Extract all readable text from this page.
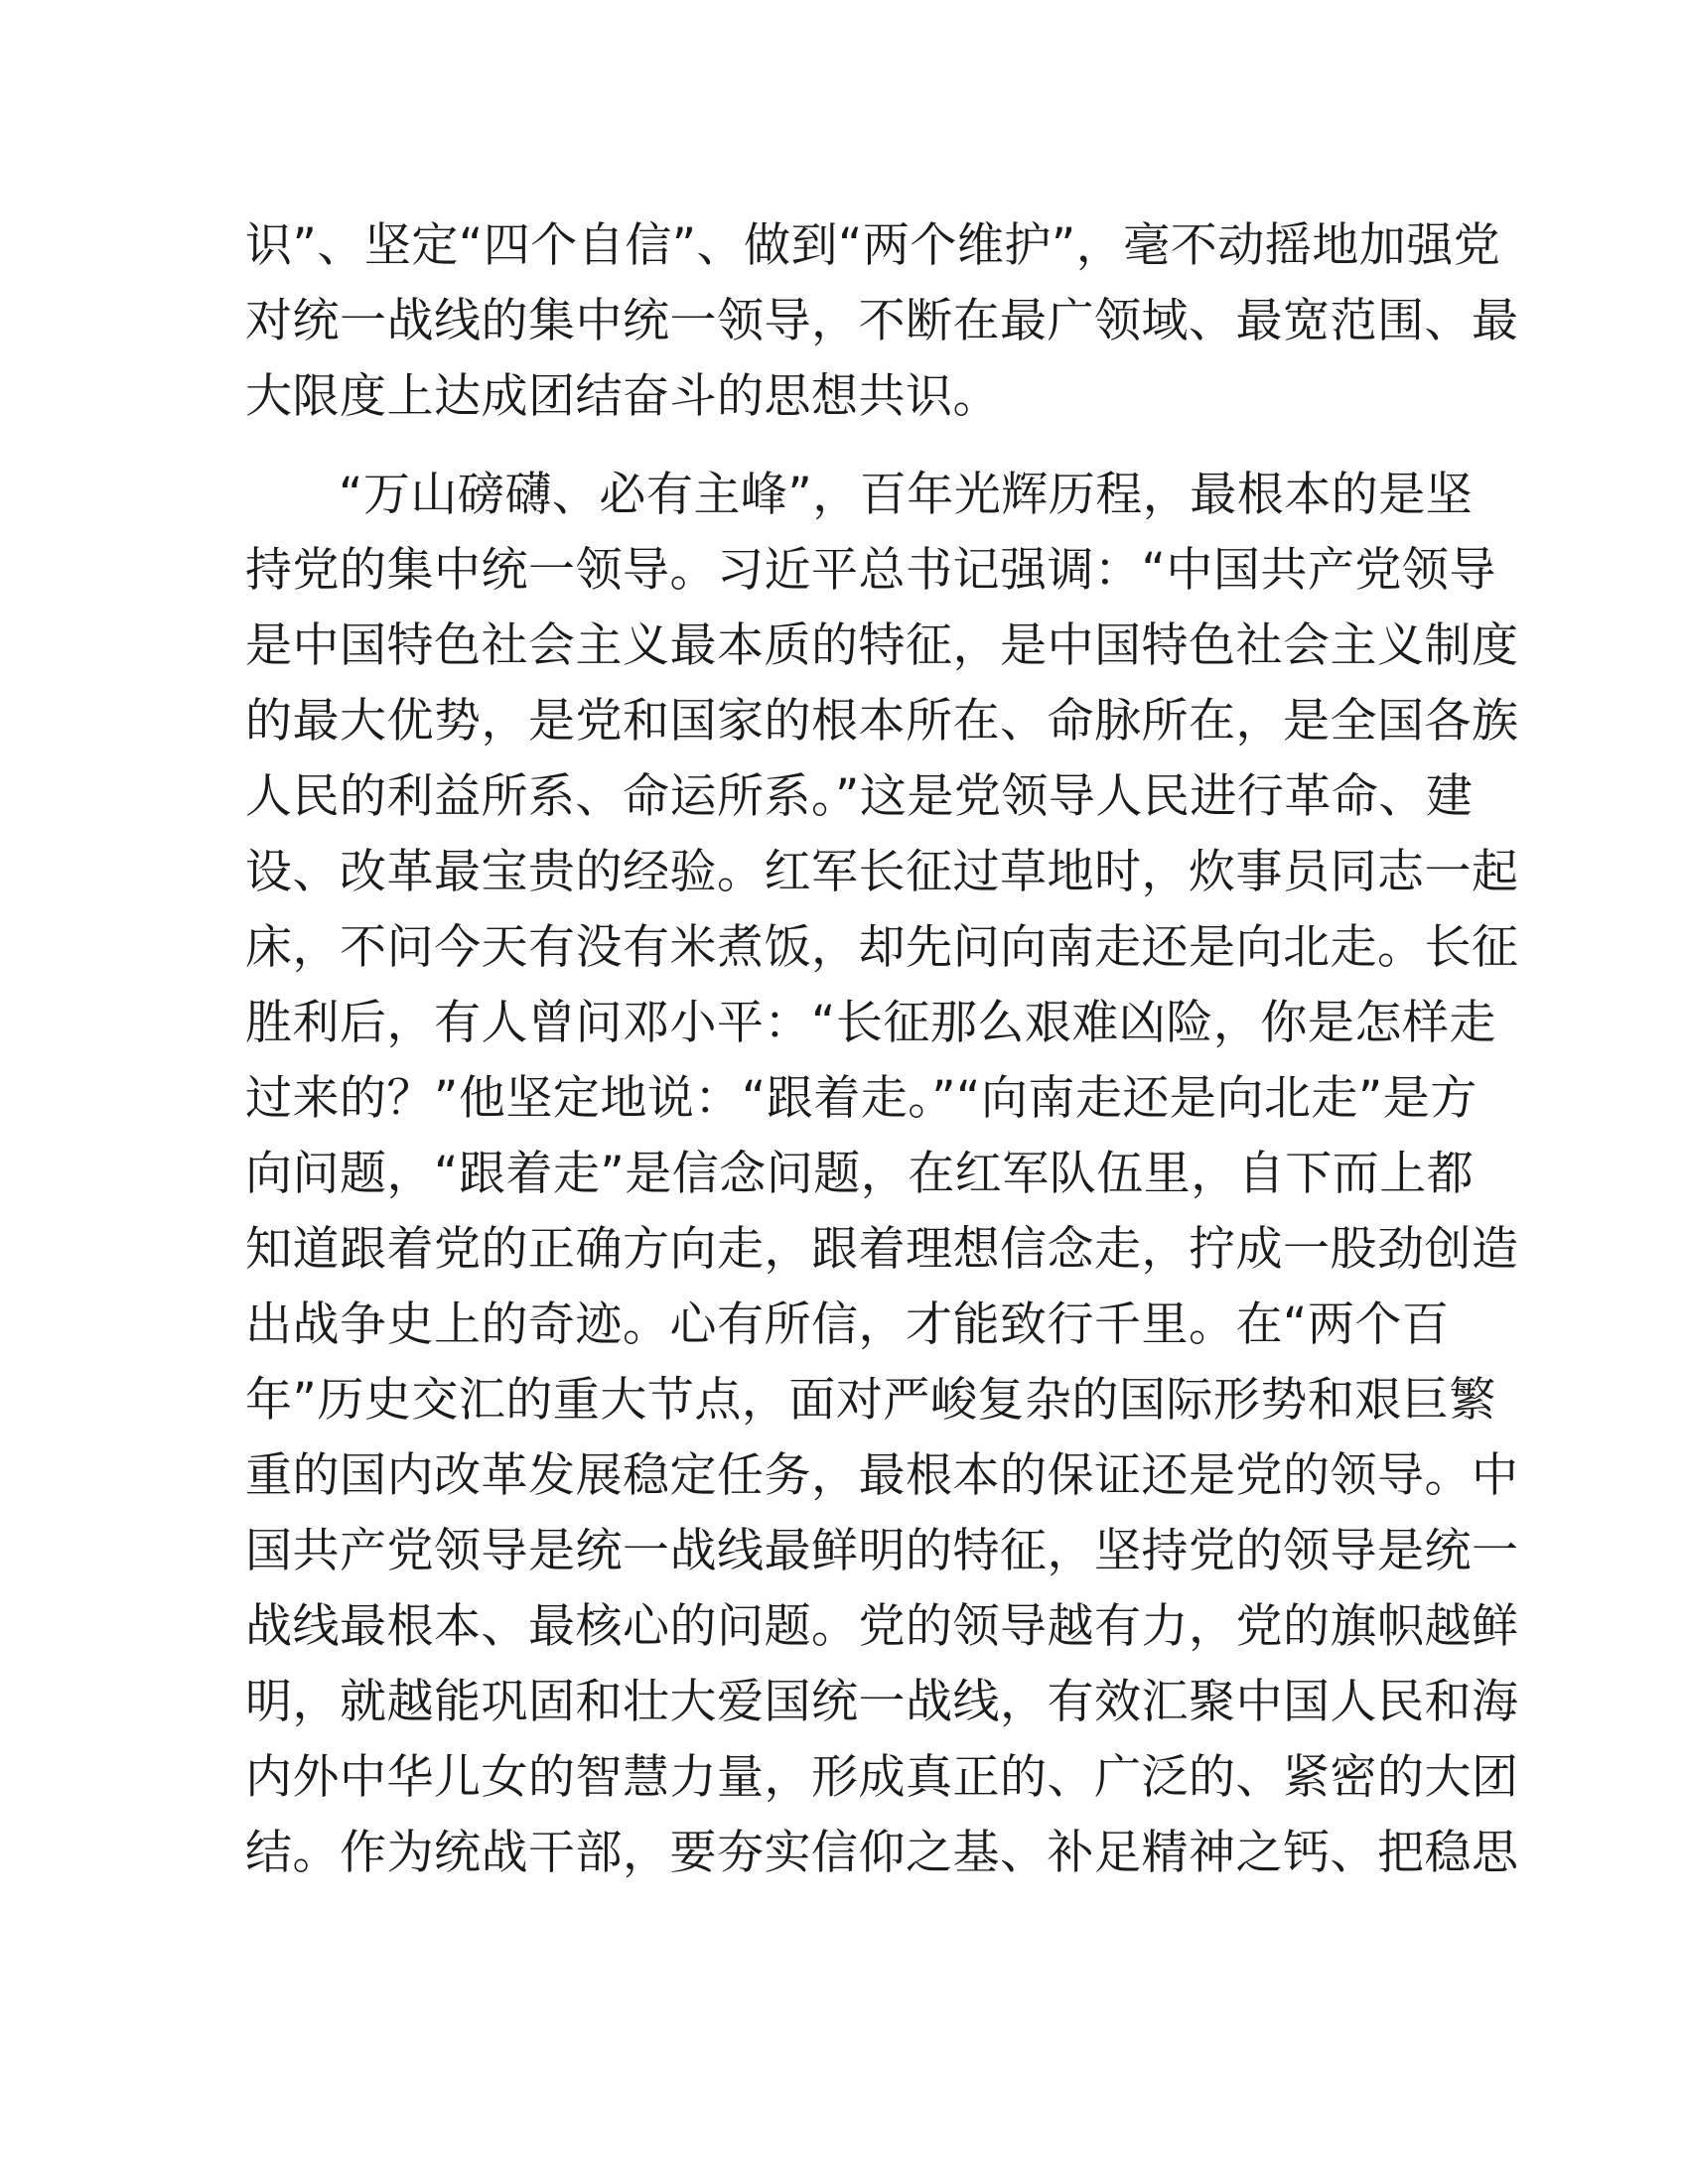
识”、坚定“四个自信”、做到“两个维护”，毫不动摇地加强党
对统一战线的集中统一领导，不断在最广领域、最宽范围、最
大限度上达成团结奋斗的思想共识。
“万山磅礴、必有主峰”，百年光辉历程，最根本的是坚
持党的集中统一领导。习近平总书记强调：“中国共产党领导
是中国特色社会主义最本质的特征，是中国特色社会主义制度
的最大优势，是党和国家的根本所在、命脉所在，是全国各族
人民的利益所系、命运所系。”这是党领导人民进行革命、建
设、改革最宝贵的经验。红军长征过草地时，炊事员同志一起
床，不问今天有没有米煮饭，却先问向南走还是向北走。长征
胜利后，有人曾问邓小平：“长征那么艰难凶险，你是怎样走
过来的？”他坚定地说：“跟着走。”“向南走还是向北走”是方
向问题，“跟着走”是信念问题，在红军队伍里，自下而上都
知道跟着党的正确方向走，跟着理想信念走，拧成一股劲创造
出战争史上的奇迹。心有所信，才能致行千里。在“两个百
年”历史交汇的重大节点，面对严峻复杂的国际形势和艰巨繁
重的国内改革发展稳定任务，最根本的保证还是党的领导。中
国共产党领导是统一战线最鲜明的特征，坚持党的领导是统一
战线最根本、最核心的问题。党的领导越有力，党的旗帜越鲜
明，就越能巩固和壮大爱国统一战线，有效汇聚中国人民和海
内外中华儿女的智慧力量，形成真正的、广泛的、紧密的大团
结。作为统战干部，要夯实信仰之基、补足精神之钙、把稳思
